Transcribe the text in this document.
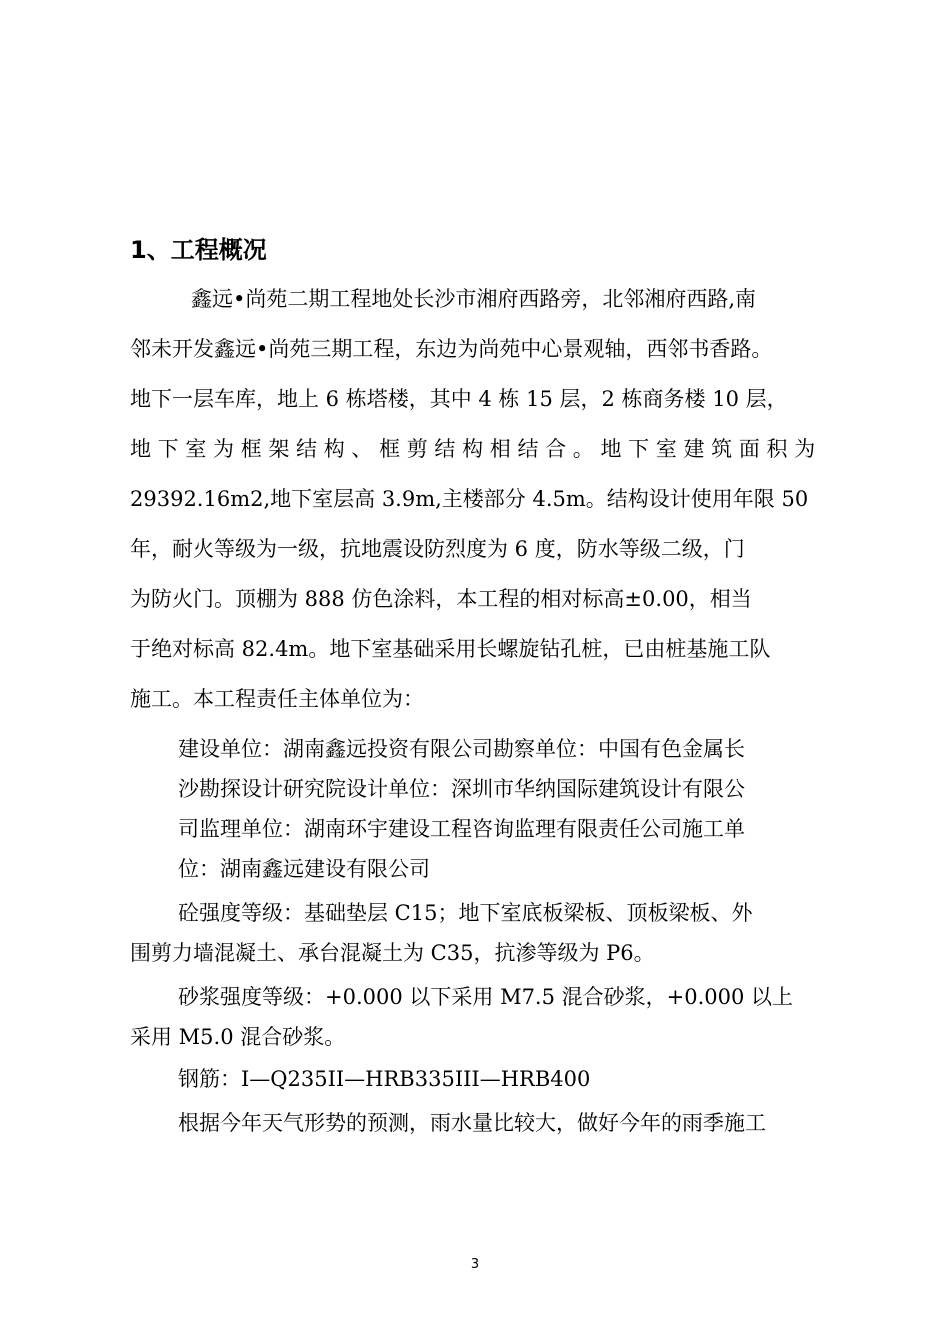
1、工程概况
鑫远•尚苑二期工程地处长沙市湘府西路旁，北邻湘府西路,南
邻未开发鑫远•尚苑三期工程，东边为尚苑中心景观轴，西邻书香路。
地下一层车库，地上 6 栋塔楼，其中 4 栋 15 层，2 栋商务楼 10 层，
地 下 室 为 框 架 结 构 、 框 剪 结 构 相 结 合 。 地 下 室 建 筑 面 积 为
29392.16m2,地下室层高 3.9m,主楼部分 4.5m。结构设计使用年限 50
年，耐火等级为一级，抗地震设防烈度为 6 度，防水等级二级，门
为防火门。顶棚为 888 仿色涂料，本工程的相对标高±0.00，相当
于绝对标高 82.4m。地下室基础采用长螺旋钻孔桩，已由桩基施工队
施工。本工程责任主体单位为：
建设单位：湖南鑫远投资有限公司勘察单位：中国有色金属长
沙勘探设计研究院设计单位：深圳市华纳国际建筑设计有限公
司监理单位：湖南环宇建设工程咨询监理有限责任公司施工单
位：湖南鑫远建设有限公司
砼强度等级：基础垫层 C15；地下室底板梁板、顶板梁板、外
围剪力墙混凝土、承台混凝土为 C35，抗渗等级为 P6。
砂浆强度等级：+0.000 以下采用 M7.5 混合砂浆，+0.000 以上
采用 M5.0 混合砂浆。
钢筋：I—Q235II—HRB335III—HRB400
根据今年天气形势的预测，雨水量比较大，做好今年的雨季施工
3
